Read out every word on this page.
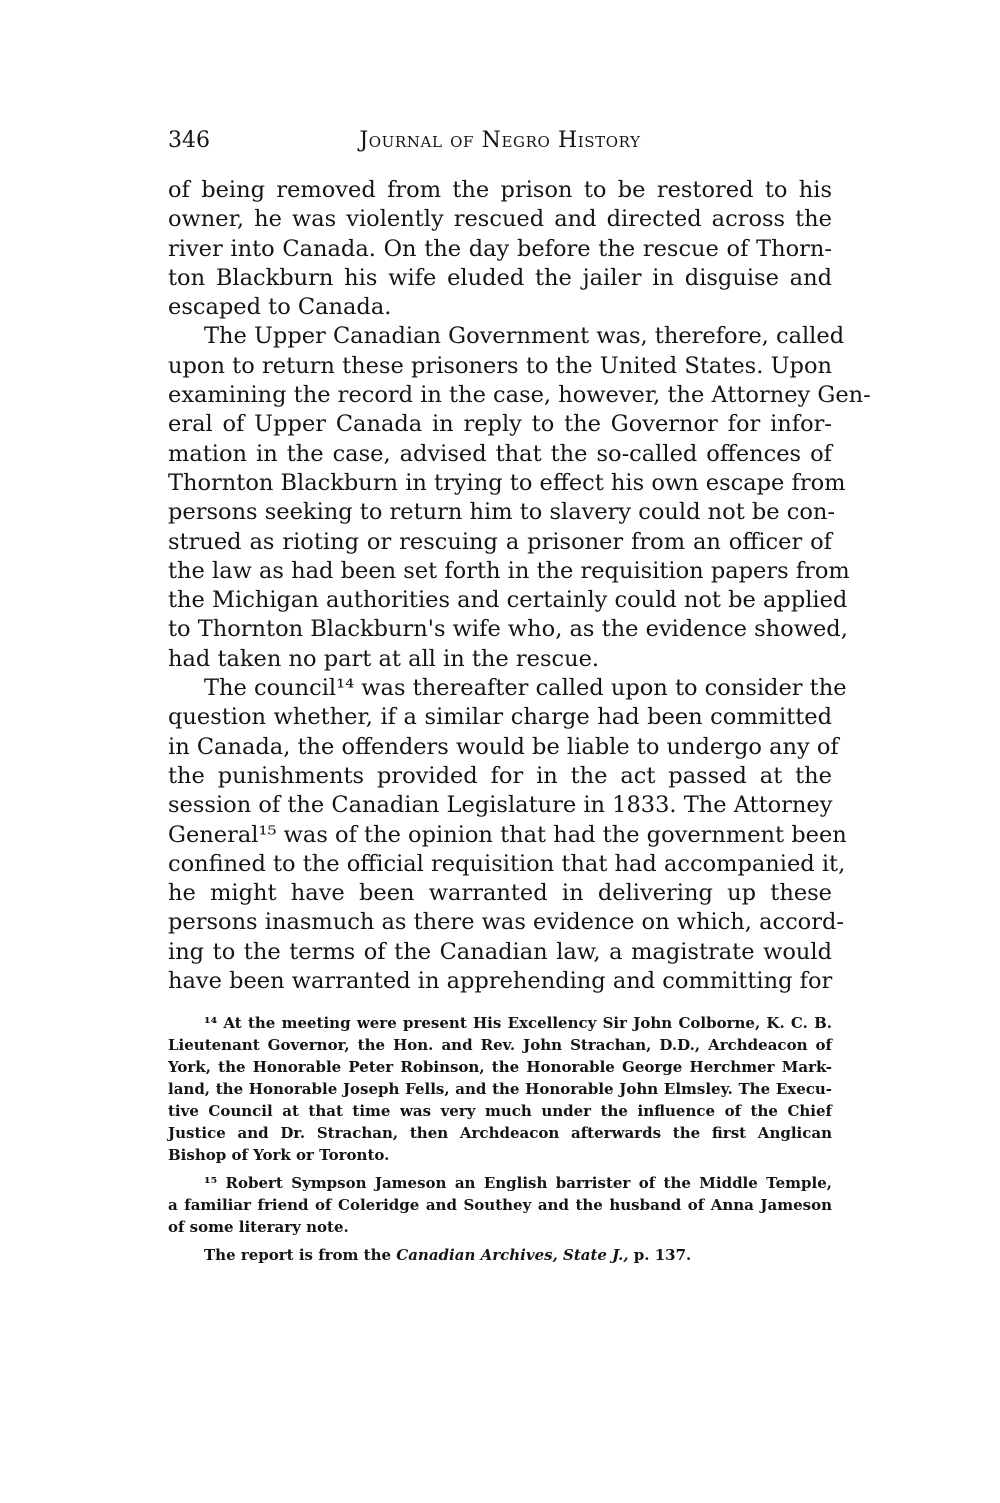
346	Journal of Negro History
of being removed from the prison to be restored to his
owner, he was violently rescued and directed across the
river into Canada. On the day before the rescue of Thorn-
ton Blackburn his wife eluded the jailer in disguise and
escaped to Canada.
The Upper Canadian Government was, therefore, called
upon to return these prisoners to the United States. Upon
examining the record in the case, however, the Attorney Gen-
eral of Upper Canada in reply to the Governor for infor-
mation in the case, advised that the so-called offences of
Thornton Blackburn in trying to effect his own escape from
persons seeking to return him to slavery could not be con-
strued as rioting or rescuing a prisoner from an officer of
the law as had been set forth in the requisition papers from
the Michigan authorities and certainly could not be applied
to Thornton Blackburn's wife who, as the evidence showed,
had taken no part at all in the rescue.
The council¹⁴ was thereafter called upon to consider the
question whether, if a similar charge had been committed
in Canada, the offenders would be liable to undergo any of
the punishments provided for in the act passed at the
session of the Canadian Legislature in 1833. The Attorney
General¹⁵ was of the opinion that had the government been
confined to the official requisition that had accompanied it,
he might have been warranted in delivering up these
persons inasmuch as there was evidence on which, accord-
ing to the terms of the Canadian law, a magistrate would
have been warranted in apprehending and committing for
¹⁴ At the meeting were present His Excellency Sir John Colborne, K. C. B.
Lieutenant Governor, the Hon. and Rev. John Strachan, D.D., Archdeacon of
York, the Honorable Peter Robinson, the Honorable George Herchmer Mark-
land, the Honorable Joseph Fells, and the Honorable John Elmsley. The Execu-
tive Council at that time was very much under the influence of the Chief
Justice and Dr. Strachan, then Archdeacon afterwards the first Anglican
Bishop of York or Toronto.
¹⁵ Robert Sympson Jameson an English barrister of the Middle Temple,
a familiar friend of Coleridge and Southey and the husband of Anna Jameson
of some literary note.
The report is from the Canadian Archives, State J., p. 137.
